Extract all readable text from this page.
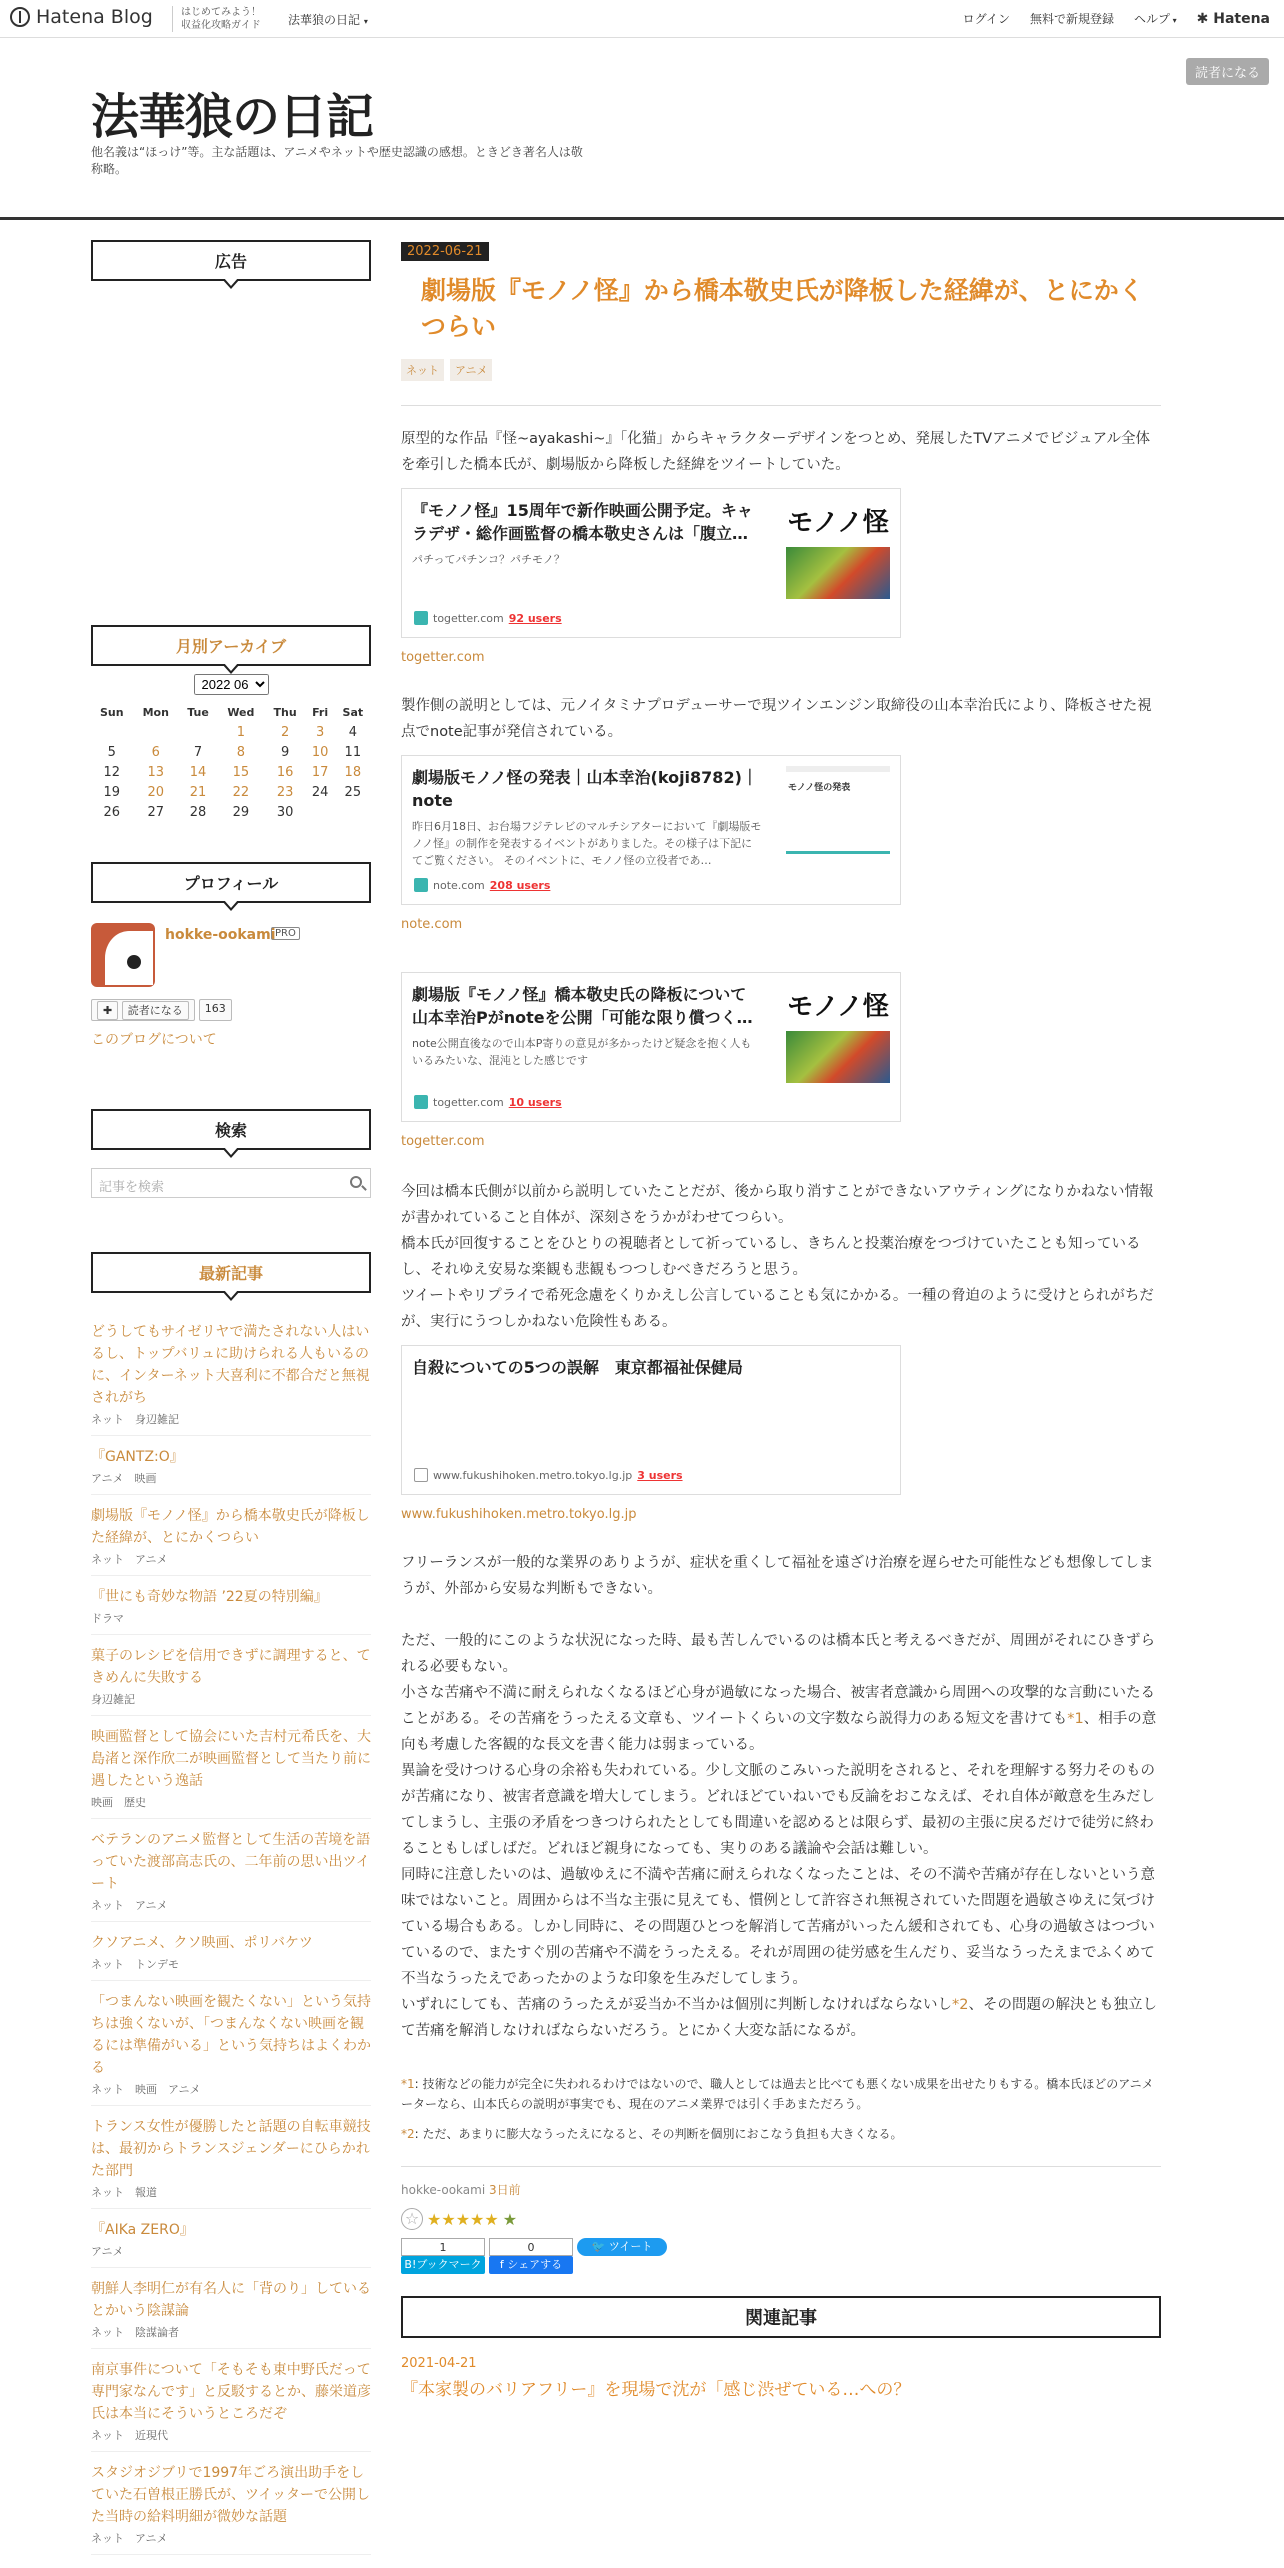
Hatena Blog	はじめてみよう！
収益化攻略ガイド 法華狼の日記 ▾	ログイン 無料で新規登録 ヘルプ ▾ ✱ Hatena
法華狼の日記
他名義は“ほっけ”等。主な話題は、アニメやネットや歴史認識の感想。ときどき著名人は敬称略。
読者になる
広告
月別アーカイブ
2022 06
Sun	Mon	Tue	Wed	Thu	Fri	Sat
			1	2	3	4
5	6	7	8	9	10	11
12	13	14	15	16	17	18
19	20	21	22	23	24	25
26	27	28	29	30		
プロフィール
hokke-ookami PRO
✚ 読者になる	163
このブログについて
検索
記事を検索
最新記事
どうしてもサイゼリヤで満たされない人はいるし、トップバリュに助けられる人もいるのに、インターネット大喜利に不都合だと無視されがち
ネット　身辺雑記
『GANTZ:O』
アニメ　映画
劇場版『モノノ怪』から橋本敬史氏が降板した経緯が、とにかくつらい
ネット　アニメ
『世にも奇妙な物語 ’22夏の特別編』
ドラマ
菓子のレシピを信用できずに調理すると、てきめんに失敗する
身辺雑記
映画監督として協会にいた吉村元希氏を、大島渚と深作欣二が映画監督として当たり前に遇したという逸話
映画　歴史
ベテランのアニメ監督として生活の苦境を語っていた渡部高志氏の、二年前の思い出ツイート
ネット　アニメ
クソアニメ、クソ映画、ポリバケツ
ネット　トンデモ
「つまんない映画を観たくない」という気持ちは強くないが、「つまんなくない映画を観るには準備がいる」という気持ちはよくわかる
ネット　映画　アニメ
トランス女性が優勝したと話題の自転車競技は、最初からトランスジェンダーにひらかれた部門
ネット　報道
『AIKa ZERO』
アニメ
朝鮮人李明仁が有名人に「背のり」しているとかいう陰謀論
ネット　陰謀論者
南京事件について「そもそも東中野氏だって専門家なんです」と反駁するとか、藤栄道彦氏は本当にそういうところだぞ
ネット　近現代
スタジオジブリで1997年ごろ演出助手をしていた石曽根正勝氏が、ツイッターで公開した当時の給料明細が微妙な話題
ネット　アニメ
2022-06-21
劇場版『モノノ怪』から橋本敬史氏が降板した経緯が、とにかくつらい
ネット	アニメ

原型的な作品『怪~ayakashi~』「化猫」からキャラクターデザインをつとめ、発展したTVアニメでビジュアル全体を牽引した橋本氏が、劇場版から降板した経緯をツイートしていた。

『モノノ怪』15周年で新作映画公開予定。キャラデザ・総作画監督の橋本敬史さんは「腹立…
パチってパチンコ？パチモノ？
モノノ怪
togetter.com 92 users
togetter.com

製作側の説明としては、元ノイタミナプロデューサーで現ツインエンジン取締役の山本幸治氏により、降板させた視点でnote記事が発信されている。

劇場版モノノ怪の発表｜山本幸治(koji8782)｜note
昨日6月18日、お台場フジテレビのマルチシアターにおいて『劇場版モノノ怪』の制作を発表するイベントがありました。その様子は下記にてご覧ください。 そのイベントに、モノノ怪の立役者であ…
モノノ怪の発表
note.com 208 users
note.com
劇場版『モノノ怪』橋本敬史氏の降板について山本幸治Pがnoteを公開「可能な限り償つく…
note公開直後なので山本P寄りの意見が多かったけど疑念を抱く人もいるみたいな、混沌とした感じです
モノノ怪
togetter.com 10 users
togetter.com

今回は橋本氏側が以前から説明していたことだが、後から取り消すことができないアウティングになりかねない情報が書かれていること自体が、深刻さをうかがわせてつらい。

橋本氏が回復することをひとりの視聴者として祈っているし、きちんと投薬治療をつづけていたことも知っているし、それゆえ安易な楽観も悲観もつつしむべきだろうと思う。

ツイートやリプライで希死念慮をくりかえし公言していることも気にかかる。一種の脅迫のように受けとられがちだが、実行にうつしかねない危険性もある。

自殺についての5つの誤解　東京都福祉保健局
www.fukushihoken.metro.tokyo.lg.jp 3 users
www.fukushihoken.metro.tokyo.lg.jp

フリーランスが一般的な業界のありようが、症状を重くして福祉を遠ざけ治療を遅らせた可能性なども想像してしまうが、外部から安易な判断もできない。

ただ、一般的にこのような状況になった時、最も苦しんでいるのは橋本氏と考えるべきだが、周囲がそれにひきずられる必要もない。

小さな苦痛や不満に耐えられなくなるほど心身が過敏になった場合、被害者意識から周囲への攻撃的な言動にいたることがある。その苦痛をうったえる文章も、ツイートくらいの文字数なら説得力のある短文を書けても*1、相手の意向も考慮した客観的な長文を書く能力は弱まっている。

異論を受けつける心身の余裕も失われている。少し文脈のこみいった説明をされると、それを理解する努力そのものが苦痛になり、被害者意識を増大してしまう。どれほどていねいでも反論をおこなえば、それ自体が敵意を生みだしてしまうし、主張の矛盾をつきつけられたとしても間違いを認めるとは限らず、最初の主張に戻るだけで徒労に終わることもしばしばだ。どれほど親身になっても、実りのある議論や会話は難しい。

同時に注意したいのは、過敏ゆえに不満や苦痛に耐えられなくなったことは、その不満や苦痛が存在しないという意味ではないこと。周囲からは不当な主張に見えても、慣例として許容され無視されていた問題を過敏さゆえに気づけている場合もある。しかし同時に、その問題ひとつを解消して苦痛がいったん緩和されても、心身の過敏さはつづいているので、またすぐ別の苦痛や不満をうったえる。それが周囲の徒労感を生んだり、妥当なうったえまでふくめて不当なうったえであったかのような印象を生みだしてしまう。

いずれにしても、苦痛のうったえが妥当か不当かは個別に判断しなければならないし*2、その問題の解決とも独立して苦痛を解消しなければならないだろう。とにかく大変な話になるが。

*1: 技術などの能力が完全に失われるわけではないので、職人としては過去と比べても悪くない成果を出せたりもする。橋本氏ほどのアニメーターなら、山本氏らの説明が事実でも、現在のアニメ業界では引く手あまただろう。

*2: ただ、あまりに膨大なうったえになると、その判断を個別におこなう負担も大きくなる。

hokke-ookami 3日前
☆ ★★★★★ ★
1
B!ブックマーク
0
f シェアする
🐦 ツイート
関連記事
2021-04-21
『本家製のバリアフリー』を現場で沈が「感じ渋ぜている…への？
